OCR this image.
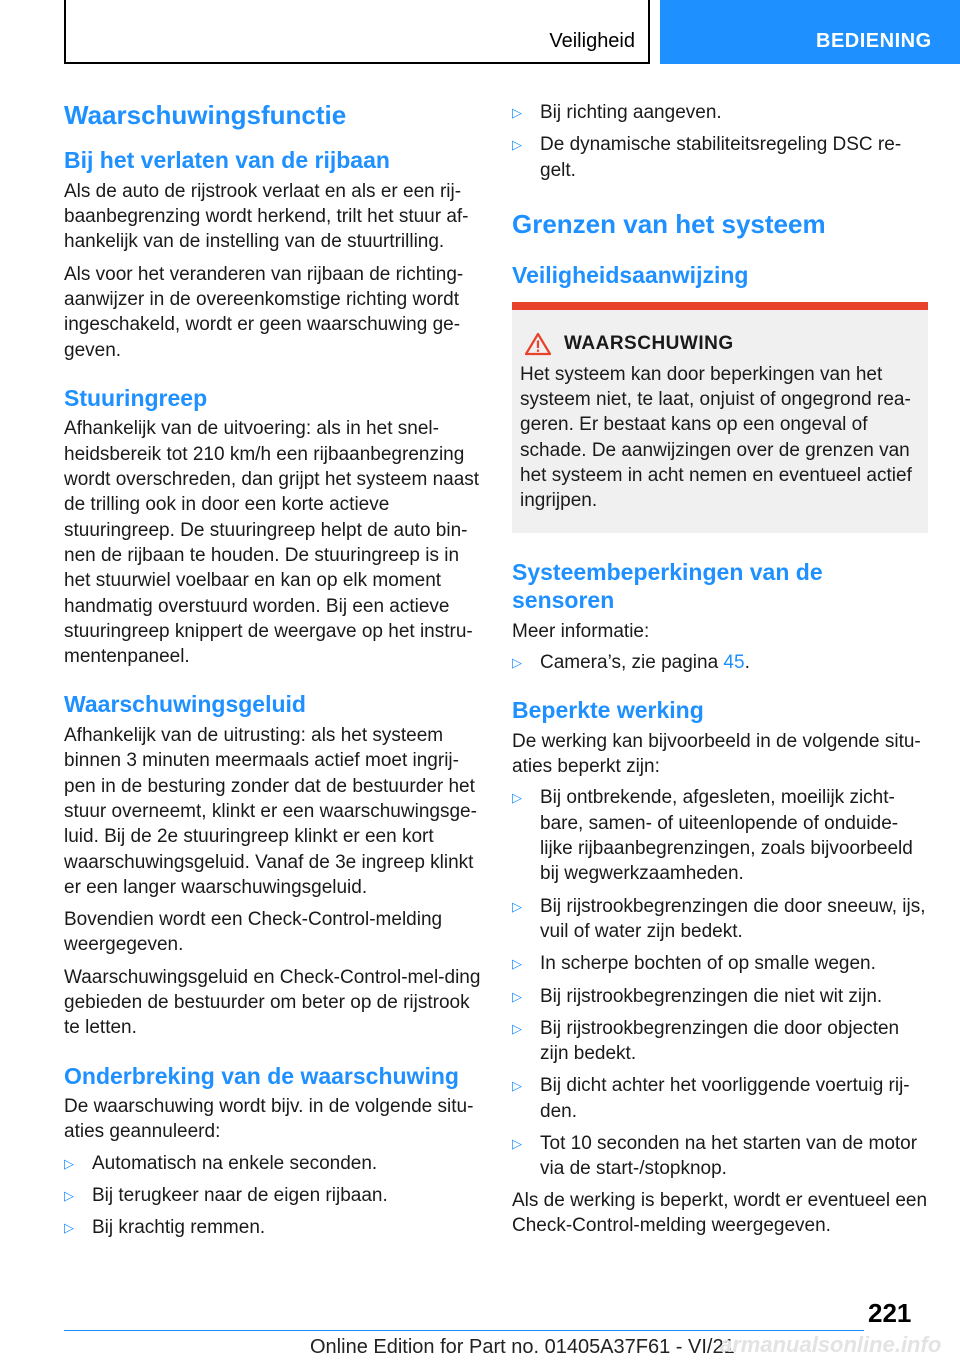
Veiligheid	BEDIENING
Waarschuwingsfunctie
Bij het verlaten van de rijbaan

Als de auto de rijstrook verlaat en als er een rij-baanbegrenzing wordt herkend, trilt het stuur af-hankelijk van de instelling van de stuurtrilling.

Als voor het veranderen van rijbaan de richting-aanwijzer in de overeenkomstige richting wordt ingeschakeld, wordt er geen waarschuwing ge-geven.

Stuuringreep

Afhankelijk van de uitvoering: als in het snel-heidsbereik tot 210 km/h een rijbaanbegrenzing wordt overschreden, dan grijpt het systeem naast de trilling ook in door een korte actieve stuuringreep. De stuuringreep helpt de auto bin-nen de rijbaan te houden. De stuuringreep is in het stuurwiel voelbaar en kan op elk moment handmatig overstuurd worden. Bij een actieve stuuringreep knippert de weergave op het instru-mentenpaneel.

Waarschuwingsgeluid

Afhankelijk van de uitrusting: als het systeem binnen 3 minuten meermaals actief moet ingrij-pen in de besturing zonder dat de bestuurder het stuur overneemt, klinkt er een waarschuwingsge-luid. Bij de 2e stuuringreep klinkt er een kort waarschuwingsgeluid. Vanaf de 3e ingreep klinkt er een langer waarschuwingsgeluid.

Bovendien wordt een Check-Control-melding weergegeven.

Waarschuwingsgeluid en Check-Control-mel-ding gebieden de bestuurder om beter op de rijstrook te letten.

Onderbreking van de waarschuwing

De waarschuwing wordt bijv. in de volgende situ-aties geannuleerd:

▷ Automatisch na enkele seconden.
▷ Bij terugkeer naar de eigen rijbaan.
▷ Bij krachtig remmen.
▷ Bij richting aangeven.
▷ De dynamische stabiliteitsregeling DSC re-gelt.
Grenzen van het systeem
Veiligheidsaanwijzing
WAARSCHUWING

Het systeem kan door beperkingen van het systeem niet, te laat, onjuist of ongegrond rea-geren. Er bestaat kans op een ongeval of schade. De aanwijzingen over de grenzen van het systeem in acht nemen en eventueel actief ingrijpen.

Systeembeperkingen van de sensoren

Meer informatie:

▷ Camera’s, zie pagina 45.
Beperkte werking

De werking kan bijvoorbeeld in de volgende situ-aties beperkt zijn:

▷ Bij ontbrekende, afgesleten, moeilijk zicht-bare, samen- of uiteenlopende of onduide-lijke rijbaanbegrenzingen, zoals bijvoorbeeld bij wegwerkzaamheden.
▷ Bij rijstrookbegrenzingen die door sneeuw, ijs, vuil of water zijn bedekt.
▷ In scherpe bochten of op smalle wegen.
▷ Bij rijstrookbegrenzingen die niet wit zijn.
▷ Bij rijstrookbegrenzingen die door objecten zijn bedekt.
▷ Bij dicht achter het voorliggende voertuig rij-den.
▷ Tot 10 seconden na het starten van de motor via de start-/stopknop.

Als de werking is beperkt, wordt er eventueel een Check-Control-melding weergegeven.

221
Online Edition for Part no. 01405A37F61 - VI/21
armanualsonline.info
